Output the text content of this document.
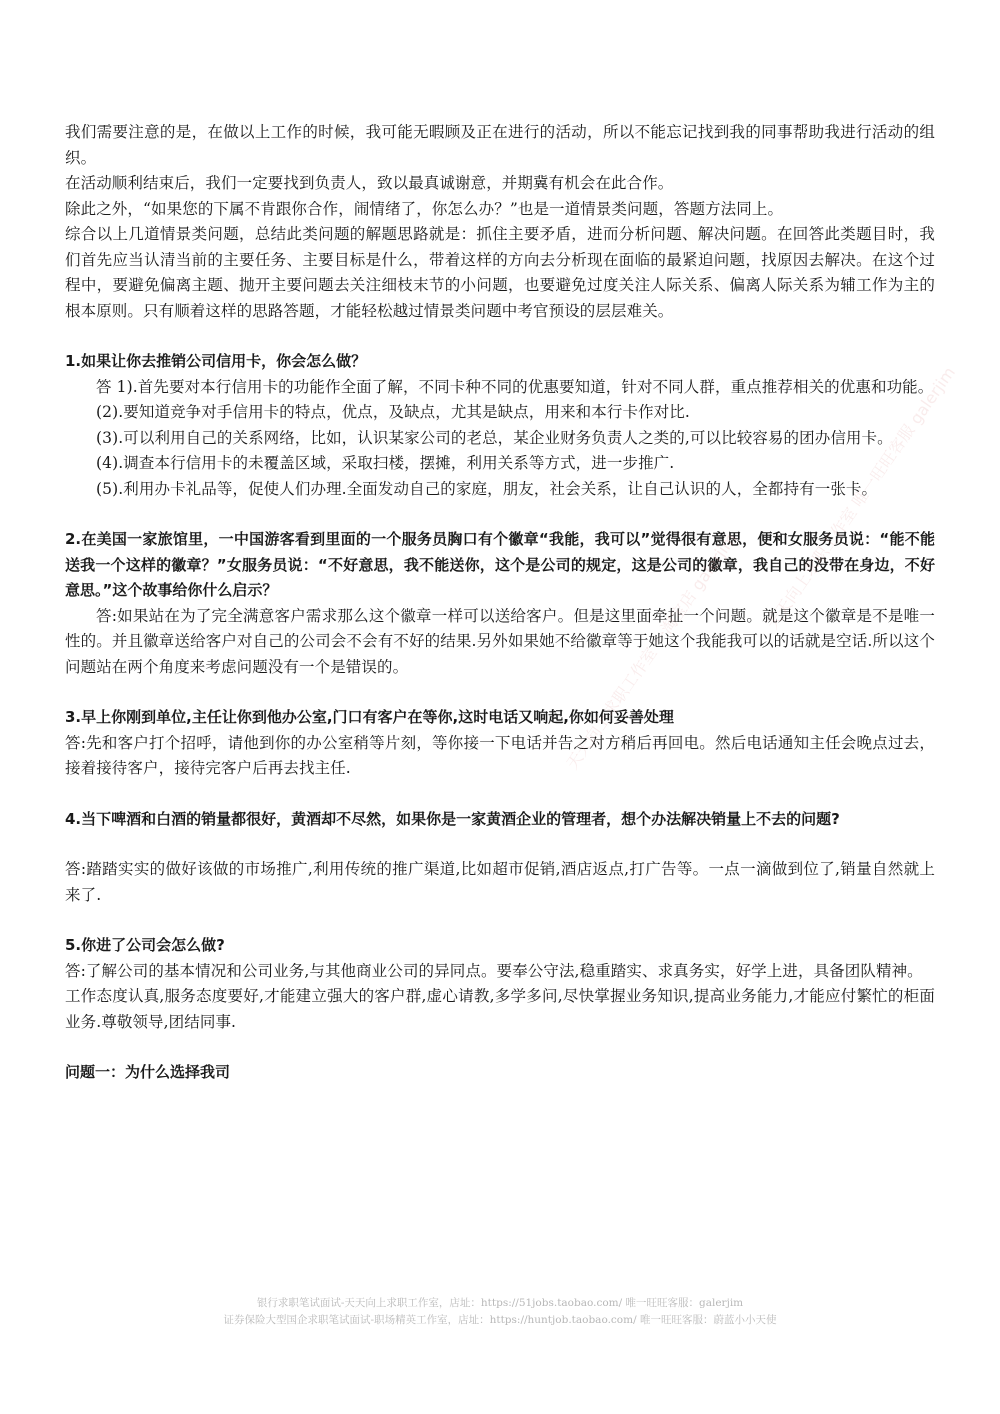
我们需要注意的是，在做以上工作的时候，我可能无暇顾及正在进行的活动，所以不能忘记找到我的同事帮助我进行活动的组织。

在活动顺利结束后，我们一定要找到负责人，致以最真诚谢意，并期冀有机会在此合作。

除此之外，“如果您的下属不肯跟你合作，闹情绪了，你怎么办？”也是一道情景类问题，答题方法同上。

综合以上几道情景类问题，总结此类问题的解题思路就是：抓住主要矛盾，进而分析问题、解决问题。在回答此类题目时，我们首先应当认清当前的主要任务、主要目标是什么，带着这样的方向去分析现在面临的最紧迫问题，找原因去解决。在这个过程中，要避免偏离主题、抛开主要问题去关注细枝末节的小问题，也要避免过度关注人际关系、偏离人际关系为辅工作为主的根本原则。只有顺着这样的思路答题，才能轻松越过情景类问题中考官预设的层层难关。

1.如果让你去推销公司信用卡，你会怎么做？

答 1).首先要对本行信用卡的功能作全面了解，不同卡种不同的优惠要知道，针对不同人群，重点推荐相关的优惠和功能。

(2).要知道竞争对手信用卡的特点，优点，及缺点，尤其是缺点，用来和本行卡作对比.

(3).可以利用自己的关系网络，比如，认识某家公司的老总，某企业财务负责人之类的,可以比较容易的团办信用卡。

(4).调查本行信用卡的未覆盖区域，采取扫楼，摆摊，利用关系等方式，进一步推广.

(5).利用办卡礼品等，促使人们办理.全面发动自己的家庭，朋友，社会关系，让自己认识的人，全都持有一张卡。

2.在美国一家旅馆里，一中国游客看到里面的一个服务员胸口有个徽章“我能，我可以”觉得很有意思，便和女服务员说：“能不能送我一个这样的徽章？”女服务员说：“不好意思，我不能送你，这个是公司的规定，这是公司的徽章，我自己的没带在身边，不好意思。”这个故事给你什么启示？

答:如果站在为了完全满意客户需求那么这个徽章一样可以送给客户。但是这里面牵扯一个问题。就是这个徽章是不是唯一性的。并且徽章送给客户对自己的公司会不会有不好的结果.另外如果她不给徽章等于她这个我能我可以的话就是空话.所以这个问题站在两个角度来考虑问题没有一个是错误的。

3.早上你刚到单位,主任让你到他办公室,门口有客户在等你,这时电话又响起,你如何妥善处理

答:先和客户打个招呼，请他到你的办公室稍等片刻，等你接一下电话并告之对方稍后再回电。然后电话通知主任会晚点过去，接着接待客户，接待完客户后再去找主任.

4.当下啤酒和白酒的销量都很好，黄酒却不尽然，如果你是一家黄酒企业的管理者，想个办法解决销量上不去的问题?

答:踏踏实实的做好该做的市场推广,利用传统的推广渠道,比如超市促销,酒店返点,打广告等。一点一滴做到位了,销量自然就上来了.

5.你进了公司会怎么做?

答:了解公司的基本情况和公司业务,与其他商业公司的异同点。要奉公守法,稳重踏实、求真务实，好学上进，具备团队精神。

工作态度认真,服务态度要好,才能建立强大的客户群,虚心请教,多学多问,尽快掌握业务知识,提高业务能力,才能应付繁忙的柜面业务.尊敬领导,团结同事.

问题一：为什么选择我司

天天向上求职工作室 一淘宝店 galerjim
天天向上求职工作室 唯一旺旺客服 galerjim
银行求职笔试面试-天天向上求职工作室，店址：https://51jobs.taobao.com/ 唯一旺旺客服：galerjim
证券保险大型国企求职笔试面试-职场精英工作室，店址：https://huntjob.taobao.com/ 唯一旺旺客服：蔚蓝小小天使
